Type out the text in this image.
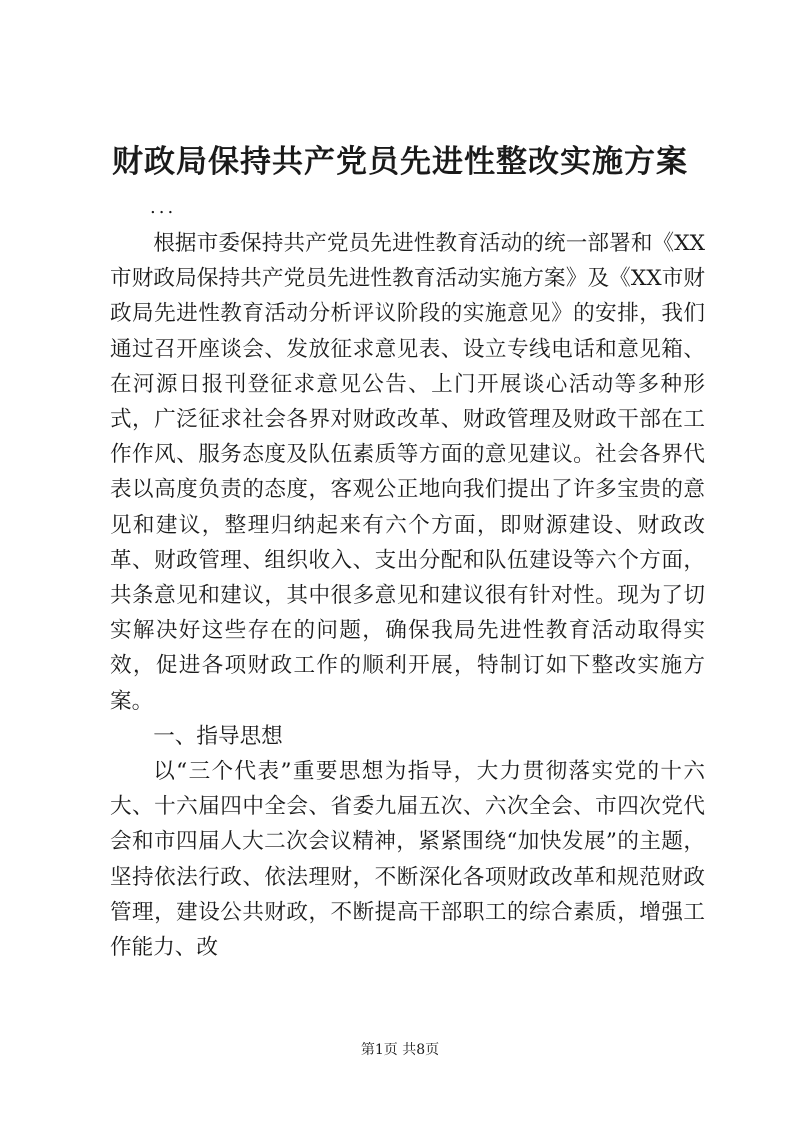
财政局保持共产党员先进性整改实施方案
...

根据市委保持共产党员先进性教育活动的统一部署和《XX市财政局保持共产党员先进性教育活动实施方案》及《XX市财政局先进性教育活动分析评议阶段的实施意见》的安排，我们通过召开座谈会、发放征求意见表、设立专线电话和意见箱、在河源日报刊登征求意见公告、上门开展谈心活动等多种形式，广泛征求社会各界对财政改革、财政管理及财政干部在工作作风、服务态度及队伍素质等方面的意见建议。社会各界代表以高度负责的态度，客观公正地向我们提出了许多宝贵的意见和建议，整理归纳起来有六个方面，即财源建设、财政改革、财政管理、组织收入、支出分配和队伍建设等六个方面，共条意见和建议，其中很多意见和建议很有针对性。现为了切实解决好这些存在的问题，确保我局先进性教育活动取得实效，促进各项财政工作的顺利开展，特制订如下整改实施方案。

一、指导思想

以“三个代表”重要思想为指导，大力贯彻落实党的十六大、十六届四中全会、省委九届五次、六次全会、市四次党代会和市四届人大二次会议精神，紧紧围绕“加快发展”的主题，坚持依法行政、依法理财，不断深化各项财政改革和规范财政管理，建设公共财政，不断提高干部职工的综合素质，增强工作能力、改

第1页 共8页
